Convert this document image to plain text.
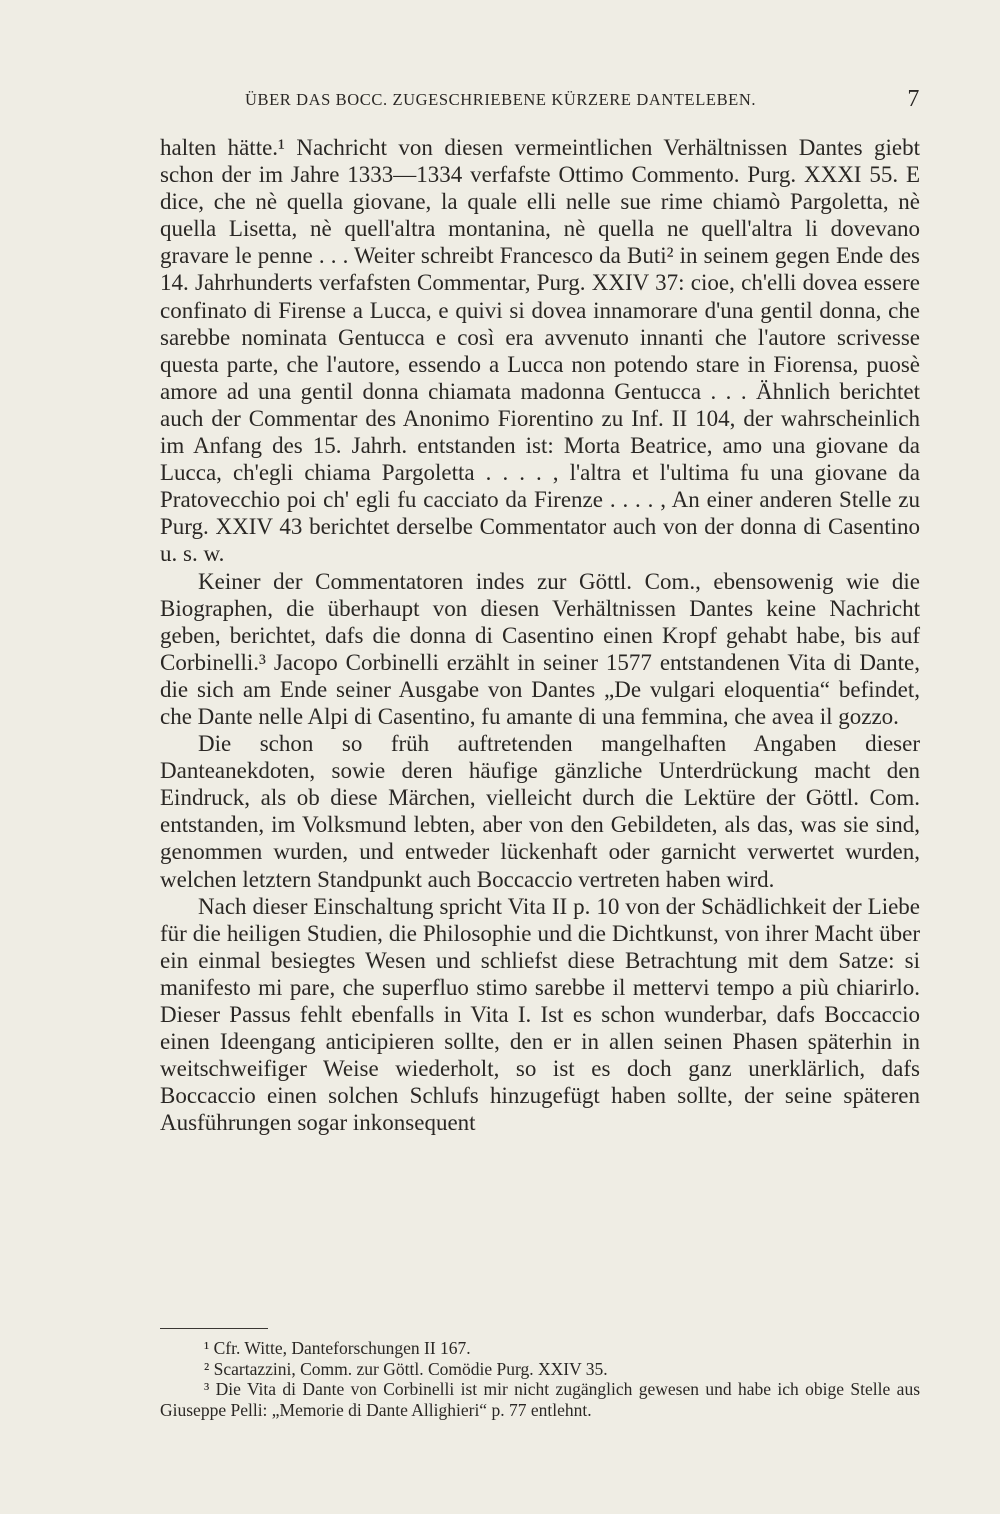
ÜBER DAS BOCC. ZUGESCHRIEBENE KÜRZERE DANTELEBEN.	7

halten hätte.¹ Nachricht von diesen vermeintlichen Verhältnissen Dantes giebt schon der im Jahre 1333—1334 verfafste Ottimo Commento. Purg. XXXI 55. E dice, che nè quella giovane, la quale elli nelle sue rime chiamò Pargoletta, nè quella Lisetta, nè quell'altra montanina, nè quella ne quell'altra li dovevano gravare le penne . . . Weiter schreibt Francesco da Buti² in seinem gegen Ende des 14. Jahrhunderts verfafsten Commentar, Purg. XXIV 37: cioe, ch'elli dovea essere confinato di Firense a Lucca, e quivi si dovea innamorare d'una gentil donna, che sarebbe nominata Gentucca e così era avvenuto innanti che l'autore scrivesse questa parte, che l'autore, essendo a Lucca non potendo stare in Fiorensa, puosè amore ad una gentil donna chiamata madonna Gentucca . . . Ähnlich berichtet auch der Commentar des Anonimo Fiorentino zu Inf. II 104, der wahrscheinlich im Anfang des 15. Jahrh. entstanden ist: Morta Beatrice, amo una giovane da Lucca, ch'egli chiama Pargoletta . . . . , l'altra et l'ultima fu una giovane da Pratovecchio poi ch' egli fu cacciato da Firenze . . . . , An einer anderen Stelle zu Purg. XXIV 43 berichtet derselbe Commentator auch von der donna di Casentino u. s. w.

Keiner der Commentatoren indes zur Göttl. Com., ebensowenig wie die Biographen, die überhaupt von diesen Verhältnissen Dantes keine Nachricht geben, berichtet, dafs die donna di Casentino einen Kropf gehabt habe, bis auf Corbinelli.³ Jacopo Corbinelli erzählt in seiner 1577 entstandenen Vita di Dante, die sich am Ende seiner Ausgabe von Dantes „De vulgari eloquentia“ befindet, che Dante nelle Alpi di Casentino, fu amante di una femmina, che avea il gozzo.

Die schon so früh auftretenden mangelhaften Angaben dieser Danteanekdoten, sowie deren häufige gänzliche Unterdrückung macht den Eindruck, als ob diese Märchen, vielleicht durch die Lektüre der Göttl. Com. entstanden, im Volksmund lebten, aber von den Gebildeten, als das, was sie sind, genommen wurden, und entweder lückenhaft oder garnicht verwertet wurden, welchen letztern Standpunkt auch Boccaccio vertreten haben wird.

Nach dieser Einschaltung spricht Vita II p. 10 von der Schädlichkeit der Liebe für die heiligen Studien, die Philosophie und die Dichtkunst, von ihrer Macht über ein einmal besiegtes Wesen und schliefst diese Betrachtung mit dem Satze: si manifesto mi pare, che superfluo stimo sarebbe il mettervi tempo a più chiarirlo. Dieser Passus fehlt ebenfalls in Vita I. Ist es schon wunderbar, dafs Boccaccio einen Ideengang anticipieren sollte, den er in allen seinen Phasen späterhin in weitschweifiger Weise wiederholt, so ist es doch ganz unerklärlich, dafs Boccaccio einen solchen Schlufs hinzugefügt haben sollte, der seine späteren Ausführungen sogar inkonsequent

¹ Cfr. Witte, Danteforschungen II 167.

² Scartazzini, Comm. zur Göttl. Comödie Purg. XXIV 35.

³ Die Vita di Dante von Corbinelli ist mir nicht zugänglich gewesen und habe ich obige Stelle aus Giuseppe Pelli: „Memorie di Dante Allighieri“ p. 77 entlehnt.
